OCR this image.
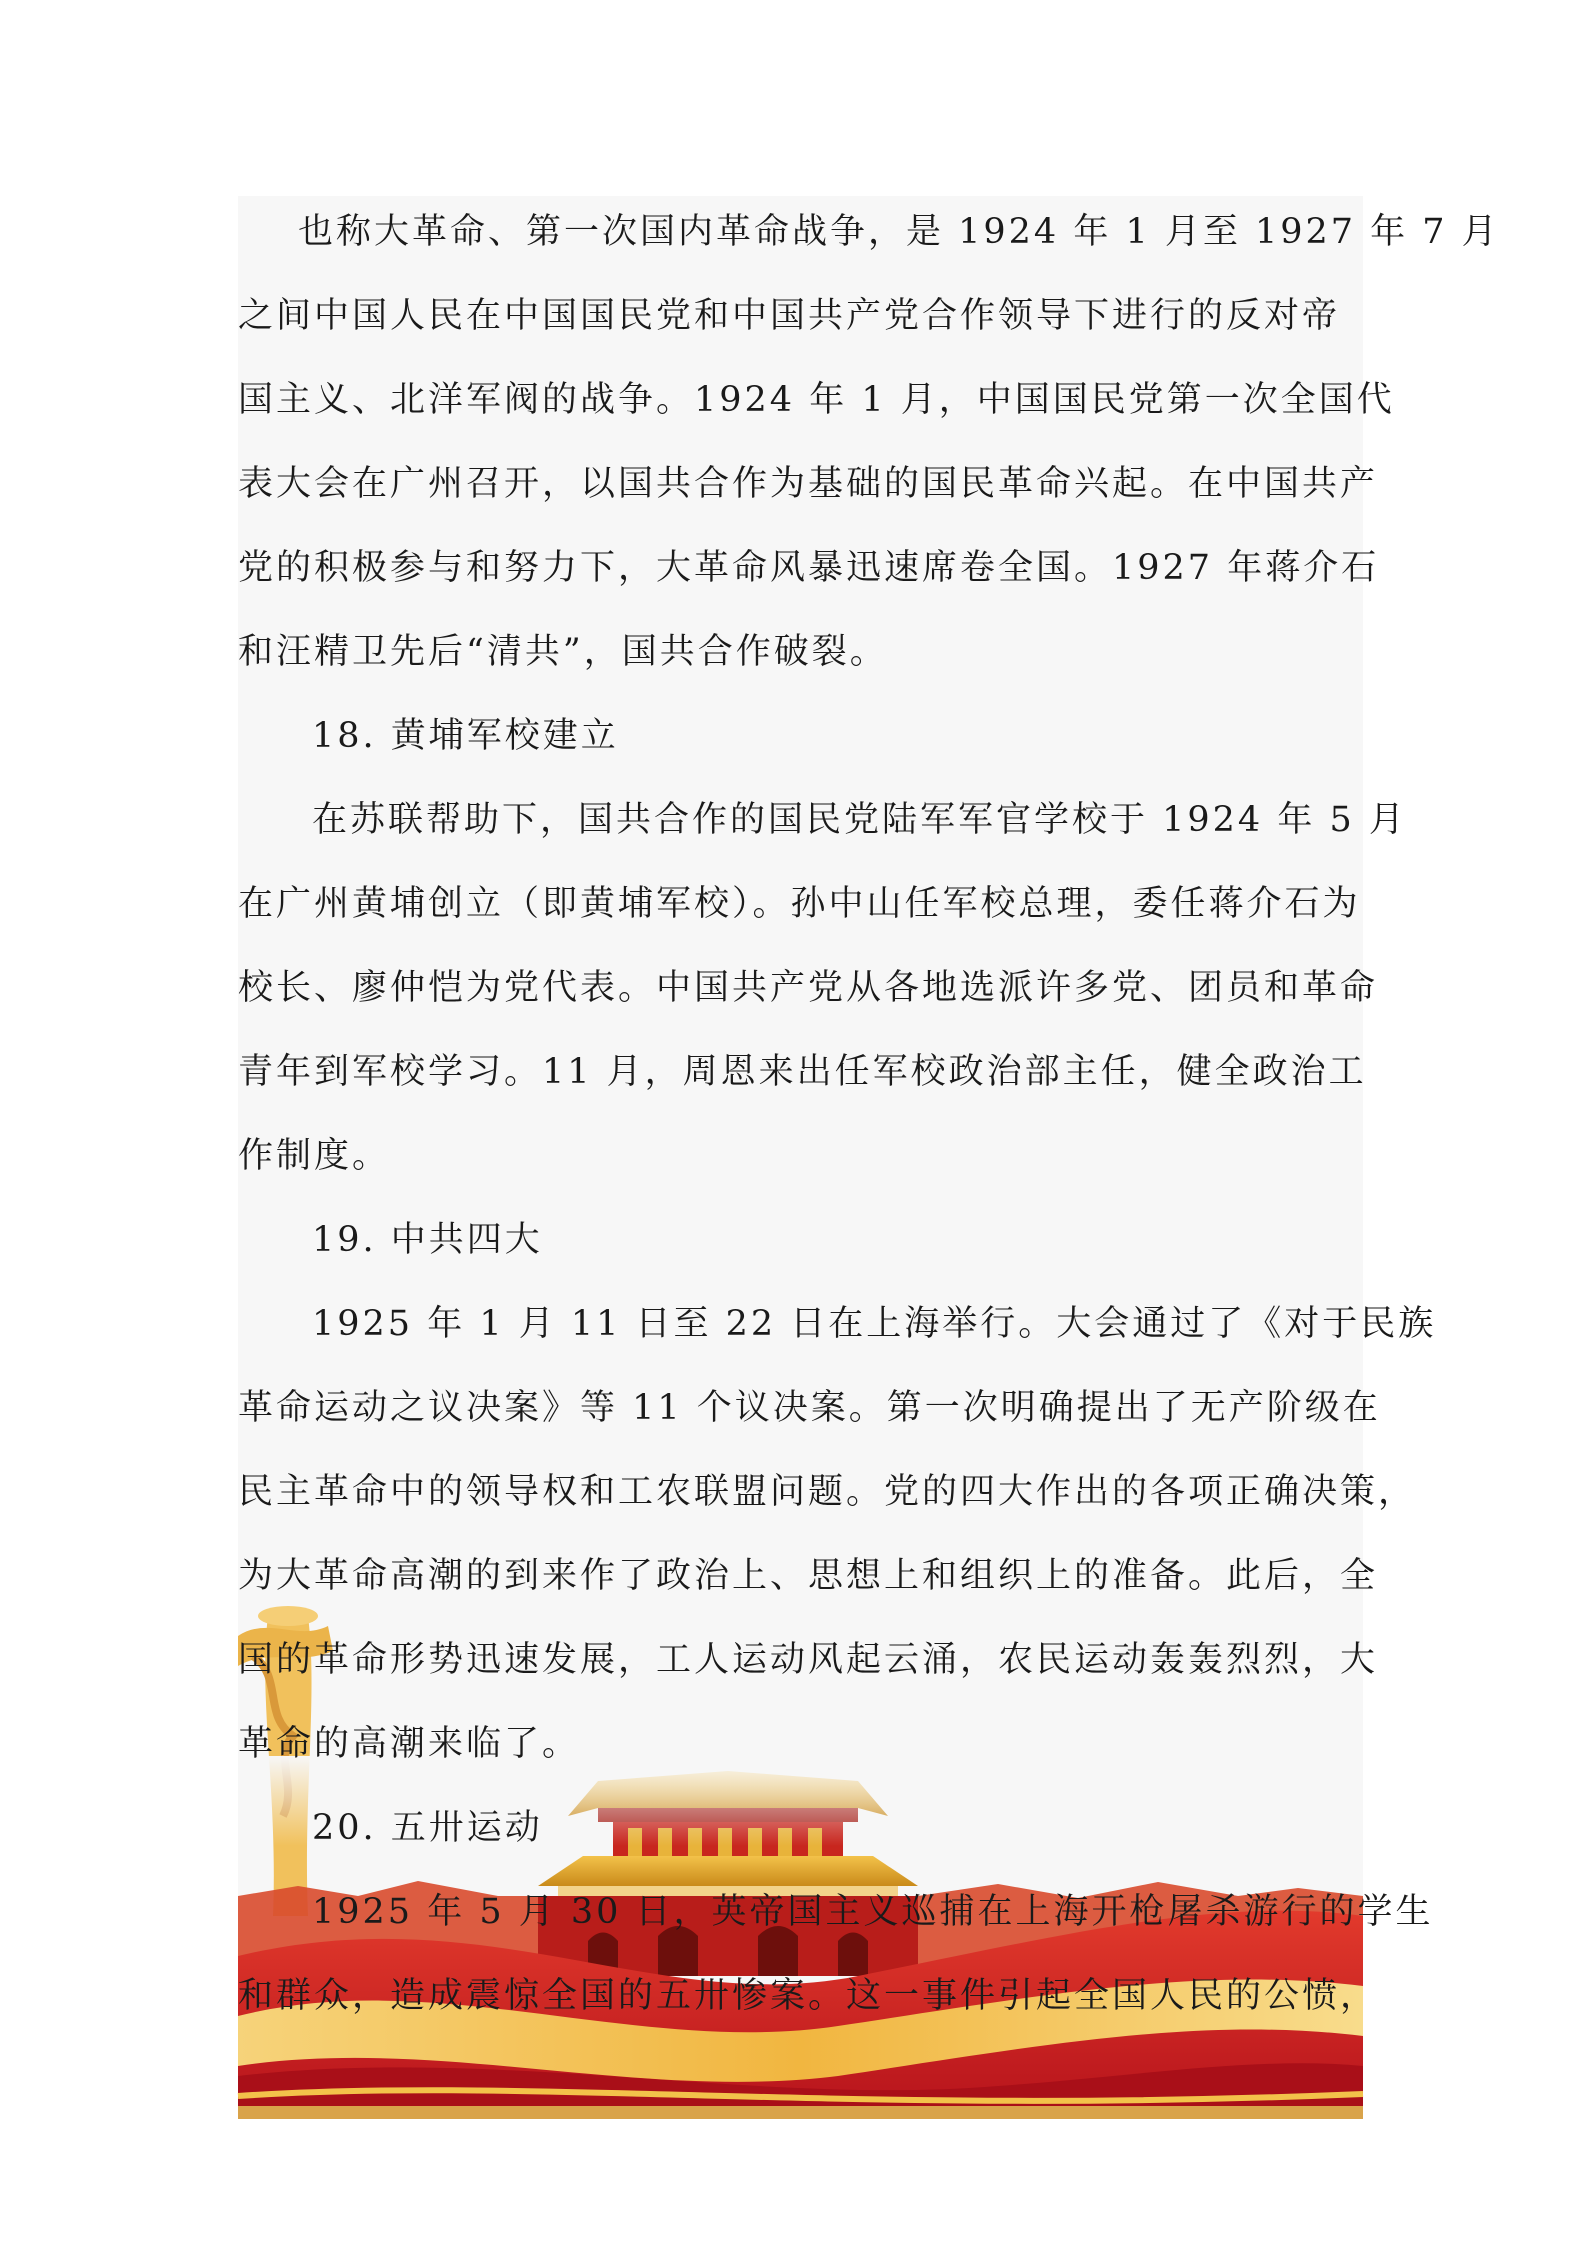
也称大革命、第一次国内革命战争，是 1924 年 1 月至 1927 年 7 月
之间中国人民在中国国民党和中国共产党合作领导下进行的反对帝
国主义、北洋军阀的战争。1924 年 1 月，中国国民党第一次全国代
表大会在广州召开，以国共合作为基础的国民革命兴起。在中国共产
党的积极参与和努力下，大革命风暴迅速席卷全国。1927 年蒋介石
和汪精卫先后“清共”，国共合作破裂。
18. 黄埔军校建立
在苏联帮助下，国共合作的国民党陆军军官学校于 1924 年 5 月
在广州黄埔创立（即黄埔军校）。孙中山任军校总理，委任蒋介石为
校长、廖仲恺为党代表。中国共产党从各地选派许多党、团员和革命
青年到军校学习。11 月，周恩来出任军校政治部主任，健全政治工
作制度。
19. 中共四大
1925 年 1 月 11 日至 22 日在上海举行。大会通过了《对于民族
革命运动之议决案》等 11 个议决案。第一次明确提出了无产阶级在
民主革命中的领导权和工农联盟问题。党的四大作出的各项正确决策，
为大革命高潮的到来作了政治上、思想上和组织上的准备。此后，全
国的革命形势迅速发展，工人运动风起云涌，农民运动轰轰烈烈，大
革命的高潮来临了。
20. 五卅运动
1925 年 5 月 30 日，英帝国主义巡捕在上海开枪屠杀游行的学生
和群众，造成震惊全国的五卅惨案。这一事件引起全国人民的公愤，
